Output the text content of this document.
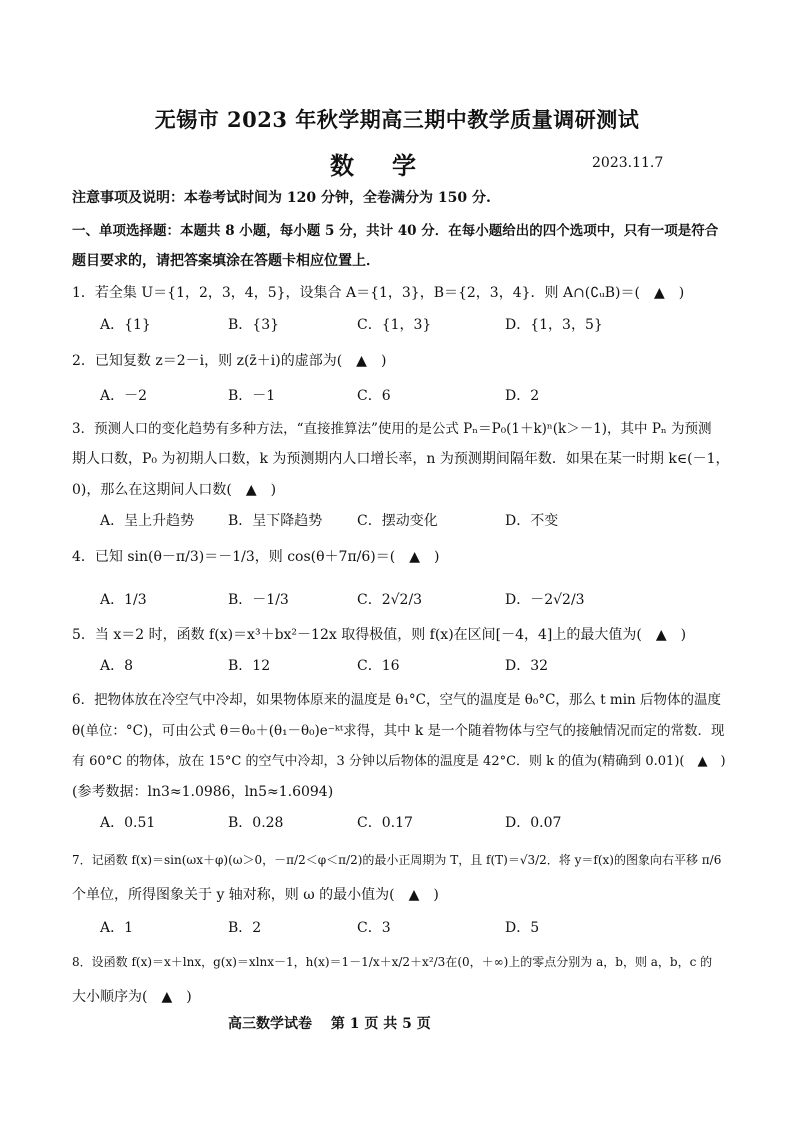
无锡市 2023 年秋学期高三期中教学质量调研测试
数学	2023.11.7
注意事项及说明：本卷考试时间为 120 分钟，全卷满分为 150 分.
一、单项选择题：本题共 8 小题，每小题 5 分，共计 40 分．在每小题给出的四个选项中，只有一项是符合
题目要求的，请把答案填涂在答题卡相应位置上．
1．若全集 U＝{1，2，3，4，5}，设集合 A＝{1，3}，B＝{2，3，4}．则 A∩(∁ᵤB)＝(　▲　)
A．{1}	B．{3}	C．{1，3}	D．{1，3，5}
2．已知复数 z＝2－i，则 z(z̄＋i)的虚部为(　▲　)
A．－2	B．－1	C．6	D．2
3．预测人口的变化趋势有多种方法，“直接推算法”使用的是公式 Pₙ＝P₀(1＋k)ⁿ(k＞－1)，其中 Pₙ 为预测
期人口数，P₀ 为初期人口数，k 为预测期内人口增长率，n 为预测期间隔年数．如果在某一时期 k∈(－1，
0)，那么在这期间人口数(　▲　)
A．呈上升趋势 B．呈下降趋势 C．摆动变化	D．不变
4．已知 sin(θ－π/3)＝－1/3，则 cos(θ＋7π/6)＝(　▲　)
A．1/3	B．－1/3	C．2√2/3	D．－2√2/3
5．当 x＝2 时，函数 f(x)＝x³＋bx²－12x 取得极值，则 f(x)在区间[－4，4]上的最大值为(　▲　)
A．8	B．12	C．16	D．32
6．把物体放在冷空气中冷却，如果物体原来的温度是 θ₁°C，空气的温度是 θ₀°C，那么 t min 后物体的温度
θ(单位：°C)，可由公式 θ＝θ₀＋(θ₁－θ₀)e⁻ᵏᵗ求得，其中 k 是一个随着物体与空气的接触情况而定的常数．现
有 60°C 的物体，放在 15°C 的空气中冷却，3 分钟以后物体的温度是 42°C．则 k 的值为(精确到 0.01)(　▲　)
(参考数据：ln3≈1.0986，ln5≈1.6094)
A．0.51	B．0.28	C．0.17	D．0.07
7．记函数 f(x)＝sin(ωx＋φ)(ω＞0，－π/2＜φ＜π/2)的最小正周期为 T，且 f(T)＝√3/2．将 y＝f(x)的图象向右平移 π/6
个单位，所得图象关于 y 轴对称，则 ω 的最小值为(　▲　)
A．1	B．2	C．3	D．5
8．设函数 f(x)＝x＋lnx，g(x)＝xlnx－1，h(x)＝1－1/x＋x/2＋x²/3在(0，＋∞)上的零点分别为 a，b，则 a，b，c 的
大小顺序为(　▲　)
高三数学试卷　 第 1 页 共 5 页
